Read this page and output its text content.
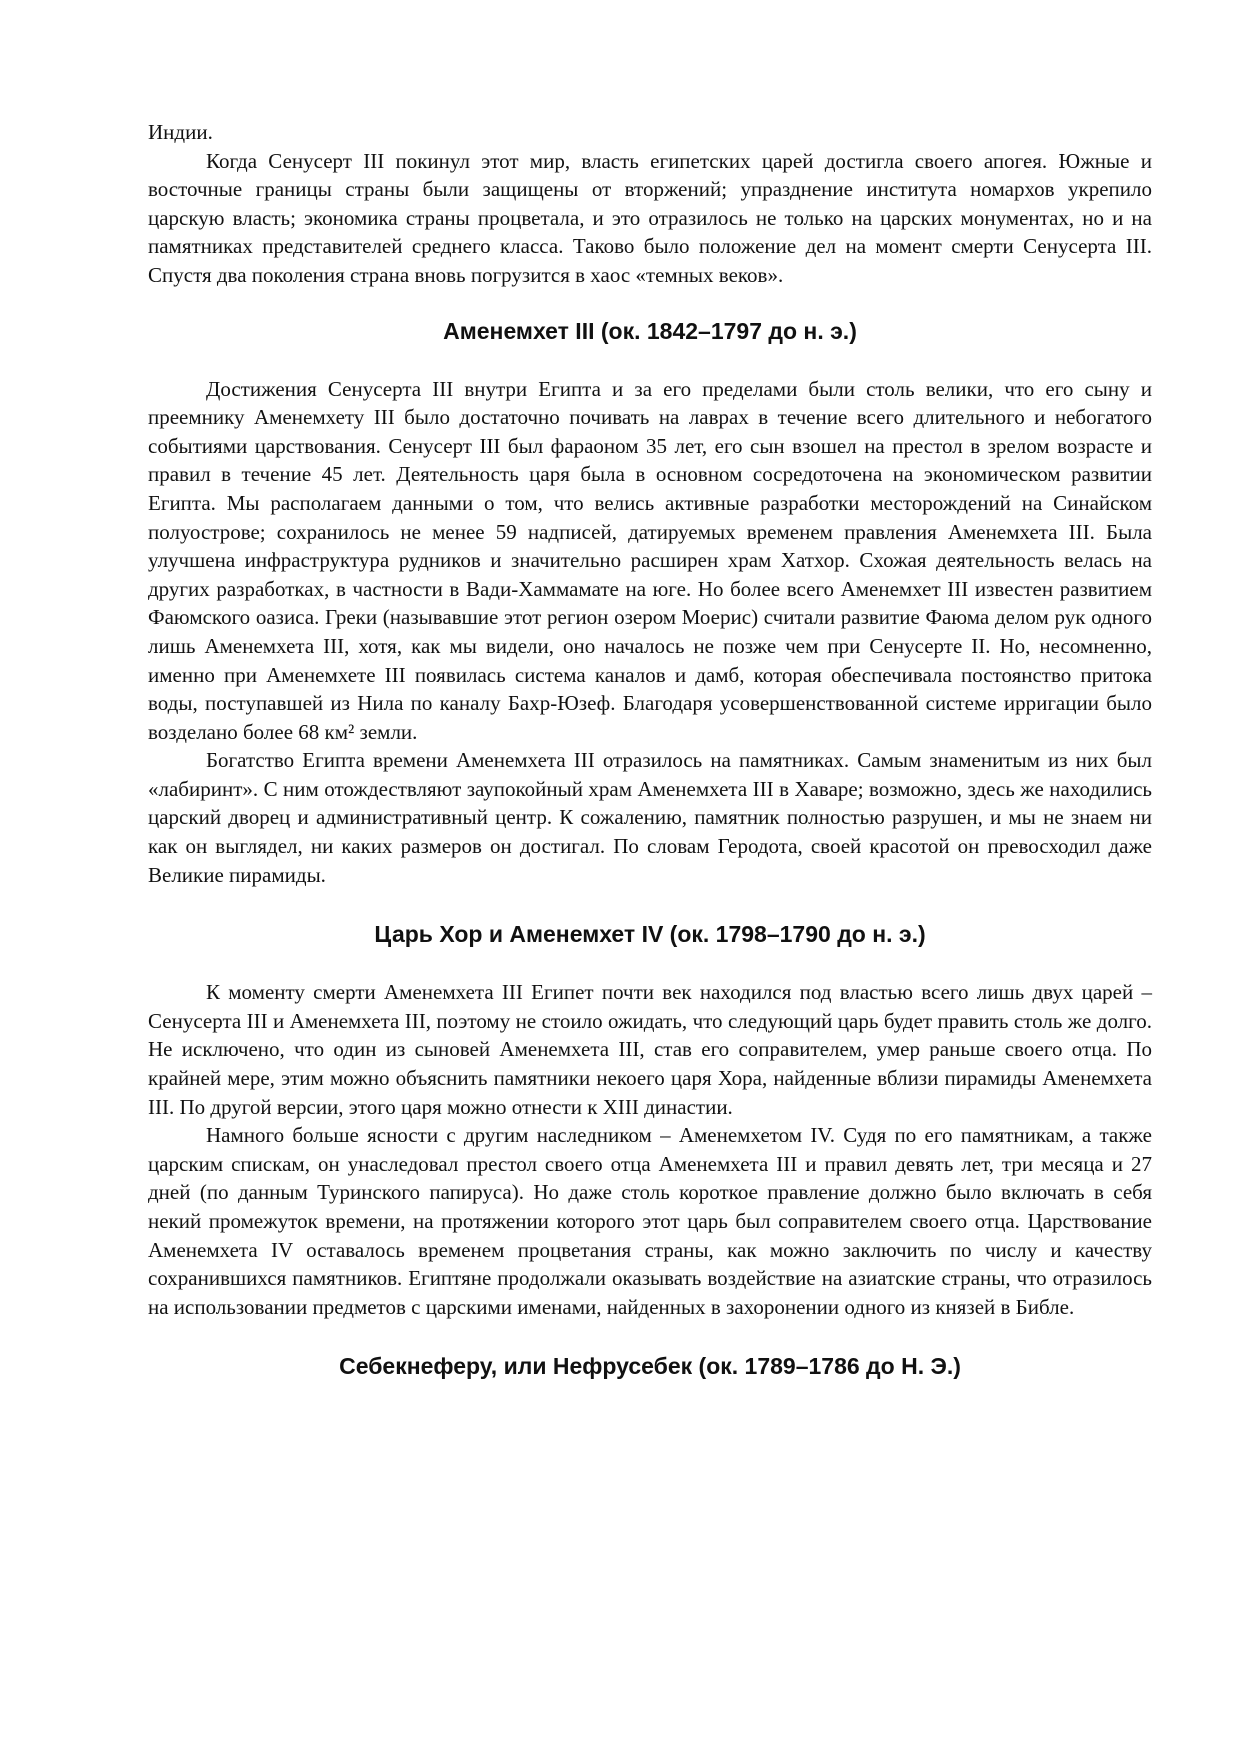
Индии.

Когда Сенусерт III покинул этот мир, власть египетских царей достигла своего апогея. Южные и восточные границы страны были защищены от вторжений; упразднение института номархов укрепило царскую власть; экономика страны процветала, и это отразилось не только на царских монументах, но и на памятниках представителей среднего класса. Таково было положение дел на момент смерти Сенусерта III. Спустя два поколения страна вновь погрузится в хаос «темных веков».

Аменемхет III (ок. 1842–1797 до н. э.)

Достижения Сенусерта III внутри Египта и за его пределами были столь велики, что его сыну и преемнику Аменемхету III было достаточно почивать на лаврах в течение всего длительного и небогатого событиями царствования. Сенусерт III был фараоном 35 лет, его сын взошел на престол в зрелом возрасте и правил в течение 45 лет. Деятельность царя была в основном сосредоточена на экономическом развитии Египта. Мы располагаем данными о том, что велись активные разработки месторождений на Синайском полуострове; сохранилось не менее 59 надписей, датируемых временем правления Аменемхета III. Была улучшена инфраструктура рудников и значительно расширен храм Хатхор. Схожая деятельность велась на других разработках, в частности в Вади-Хаммамате на юге. Но более всего Аменемхет III известен развитием Фаюмского оазиса. Греки (называвшие этот регион озером Моерис) считали развитие Фаюма делом рук одного лишь Аменемхета III, хотя, как мы видели, оно началось не позже чем при Сенусерте II. Но, несомненно, именно при Аменемхете III появилась система каналов и дамб, которая обеспечивала постоянство притока воды, поступавшей из Нила по каналу Бахр-Юзеф. Благодаря усовершенствованной системе ирригации было возделано более 68 км² земли.

Богатство Египта времени Аменемхета III отразилось на памятниках. Самым знаменитым из них был «лабиринт». С ним отождествляют заупокойный храм Аменемхета III в Хаваре; возможно, здесь же находились царский дворец и административный центр. К сожалению, памятник полностью разрушен, и мы не знаем ни как он выглядел, ни каких размеров он достигал. По словам Геродота, своей красотой он превосходил даже Великие пирамиды.

Царь Хор и Аменемхет IV (ок. 1798–1790 до н. э.)

К моменту смерти Аменемхета III Египет почти век находился под властью всего лишь двух царей – Сенусерта III и Аменемхета III, поэтому не стоило ожидать, что следующий царь будет править столь же долго. Не исключено, что один из сыновей Аменемхета III, став его соправителем, умер раньше своего отца. По крайней мере, этим можно объяснить памятники некоего царя Хора, найденные вблизи пирамиды Аменемхета III. По другой версии, этого царя можно отнести к XIII династии.

Намного больше ясности с другим наследником – Аменемхетом IV. Судя по его памятникам, а также царским спискам, он унаследовал престол своего отца Аменемхета III и правил девять лет, три месяца и 27 дней (по данным Туринского папируса). Но даже столь короткое правление должно было включать в себя некий промежуток времени, на протяжении которого этот царь был соправителем своего отца. Царствование Аменемхета IV оставалось временем процветания страны, как можно заключить по числу и качеству сохранившихся памятников. Египтяне продолжали оказывать воздействие на азиатские страны, что отразилось на использовании предметов с царскими именами, найденных в захоронении одного из князей в Библе.

Себекнеферу, или Нефрусебек (ок. 1789–1786 до Н. Э.)
